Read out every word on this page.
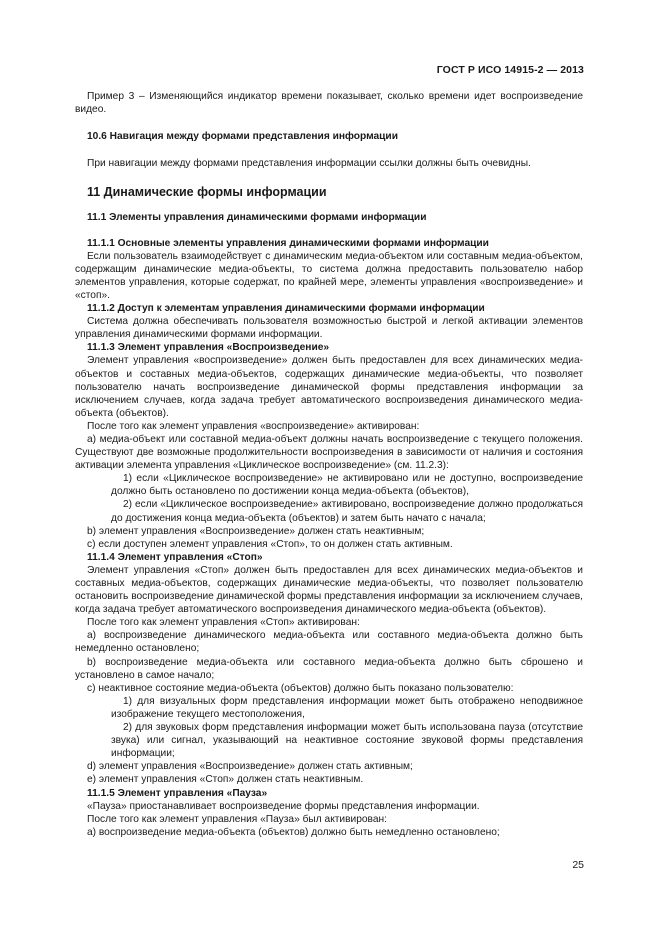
ГОСТ Р ИСО 14915-2 — 2013

Пример 3 – Изменяющийся индикатор времени показывает, сколько времени идет воспроизведение видео.

10.6 Навигация между формами представления информации

При навигации между формами представления информации ссылки должны быть очевидны.

11 Динамические формы информации

11.1 Элементы управления динамическими формами информации

11.1.1 Основные элементы управления динамическими формами информации

Если пользователь взаимодействует с динамическим медиа-объектом или составным медиа-объектом, содержащим динамические медиа-объекты, то система должна предоставить пользователю набор элементов управления, которые содержат, по крайней мере, элементы управления «воспроизведение» и «стоп».

11.1.2 Доступ к элементам управления динамическими формами информации

Система должна обеспечивать пользователя возможностью быстрой и легкой активации элементов управления динамическими формами информации.

11.1.3 Элемент управления «Воспроизведение»

Элемент управления «воспроизведение» должен быть предоставлен для всех динамических медиа-объектов и составных медиа-объектов, содержащих динамические медиа-объекты, что позволяет пользователю начать воспроизведение динамической формы представления информации за исключением случаев, когда задача требует автоматического воспроизведения динамического медиа-объекта (объектов).

После того как элемент управления «воспроизведение» активирован:

a) медиа-объект или составной медиа-объект должны начать воспроизведение с текущего положения. Существуют две возможные продолжительности воспроизведения в зависимости от наличия и состояния активации элемента управления «Циклическое воспроизведение» (см. 11.2.3):

1) если «Циклическое воспроизведение» не активировано или не доступно, воспроизведение должно быть остановлено по достижении конца медиа-объекта (объектов),

2) если «Циклическое воспроизведение» активировано, воспроизведение должно продолжаться до достижения конца медиа-объекта (объектов) и затем быть начато с начала;

b) элемент управления «Воспроизведение» должен стать неактивным;

c) если доступен элемент управления «Стоп», то он должен стать активным.

11.1.4 Элемент управления «Стоп»

Элемент управления «Стоп» должен быть предоставлен для всех динамических медиа-объектов и составных медиа-объектов, содержащих динамические медиа-объекты, что позволяет пользователю остановить воспроизведение динамической формы представления информации за исключением случаев, когда задача требует автоматического воспроизведения динамического медиа-объекта (объектов).

После того как элемент управления «Стоп» активирован:

a) воспроизведение динамического медиа-объекта или составного медиа-объекта должно быть немедленно остановлено;

b) воспроизведение медиа-объекта или составного медиа-объекта должно быть сброшено и установлено в самое начало;

c) неактивное состояние медиа-объекта (объектов) должно быть показано пользователю:

1) для визуальных форм представления информации может быть отображено неподвижное изображение текущего местоположения,

2) для звуковых форм представления информации может быть использована пауза (отсутствие звука) или сигнал, указывающий на неактивное состояние звуковой формы представления информации;

d) элемент управления «Воспроизведение» должен стать активным;

e) элемент управления «Стоп» должен стать неактивным.

11.1.5 Элемент управления «Пауза»

«Пауза» приостанавливает воспроизведение формы представления информации.

После того как элемент управления «Пауза» был активирован:

a) воспроизведение медиа-объекта (объектов) должно быть немедленно остановлено;

25
